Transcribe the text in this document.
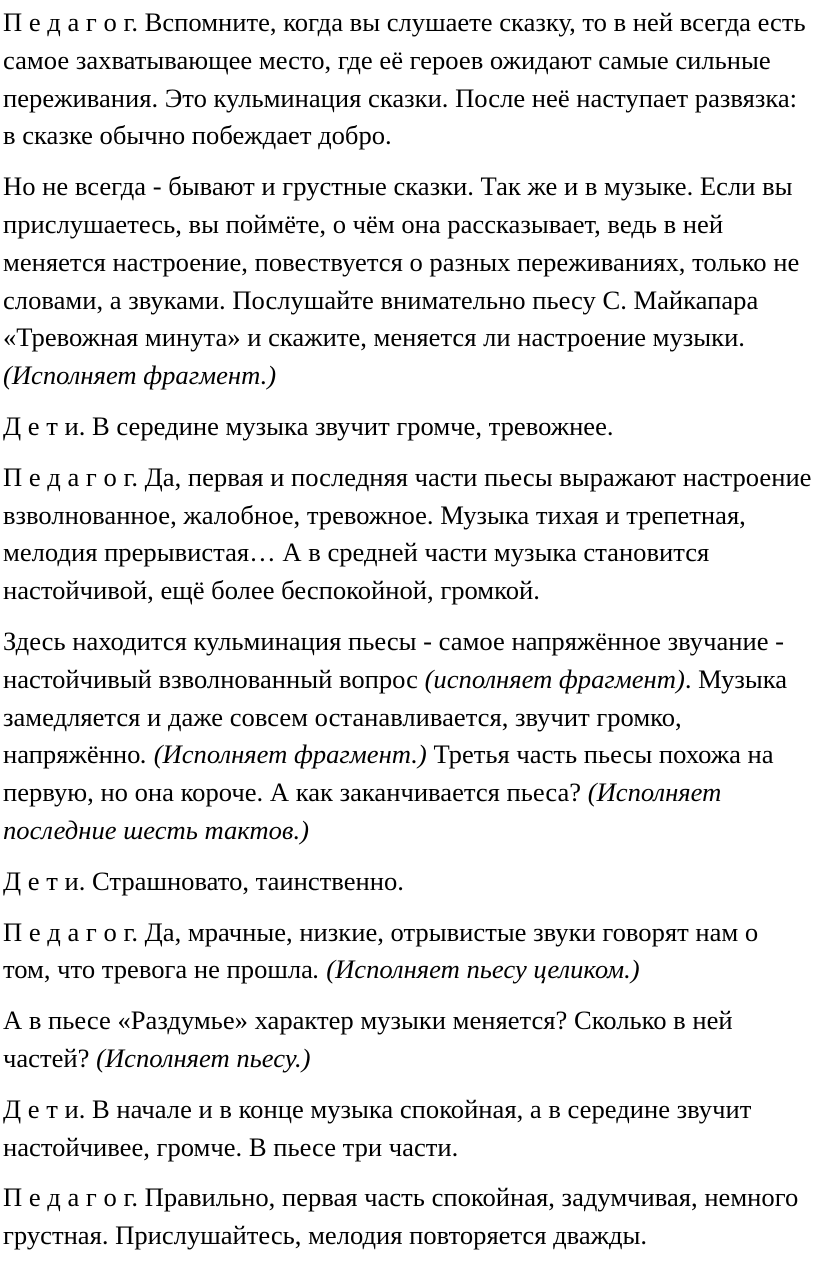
П е д а г о г. Вспомните, когда вы слушаете сказку, то в ней всегда есть самое захватывающее место, где её героев ожидают самые сильные переживания. Это кульминация сказки. После неё наступает развязка: в сказке обычно побеждает добро.

Но не всегда - бывают и грустные сказки. Так же и в музыке. Если вы прислушаетесь, вы поймёте, о чём она рассказывает, ведь в ней меняется настроение, повествуется о разных переживаниях, только не словами, а звуками. Послушайте внимательно пьесу С. Майкапара «Тревожная минута» и скажите, меняется ли настроение музыки. (Исполняет фрагмент.)

Д е т и. В середине музыка звучит громче, тревожнее.

П е д а г о г. Да, первая и последняя части пьесы выражают настроение взволнованное, жалобное, тревожное. Музыка тихая и трепетная, мелодия прерывистая… А в средней части музыка становится настойчивой, ещё более беспокойной, громкой.

Здесь находится кульминация пьесы - самое напряжённое звучание - настойчивый взволнованный вопрос (исполняет фрагмент). Музыка замедляется и даже совсем останавливается, звучит громко, напряжённо. (Исполняет фрагмент.) Третья часть пьесы похожа на первую, но она короче. А как заканчивается пьеса? (Исполняет последние шесть тактов.)

Д е т и. Страшновато, таинственно.

П е д а г о г. Да, мрачные, низкие, отрывистые звуки говорят нам о том, что тревога не прошла. (Исполняет пьесу целиком.)

А в пьесе «Раздумье» характер музыки меняется? Сколько в ней частей? (Исполняет пьесу.)

Д е т и. В начале и в конце музыка спокойная, а в середине звучит настойчивее, громче. В пьесе три части.

П е д а г о г. Правильно, первая часть спокойная, задумчивая, немного грустная. Прислушайтесь, мелодия повторяется дважды.
